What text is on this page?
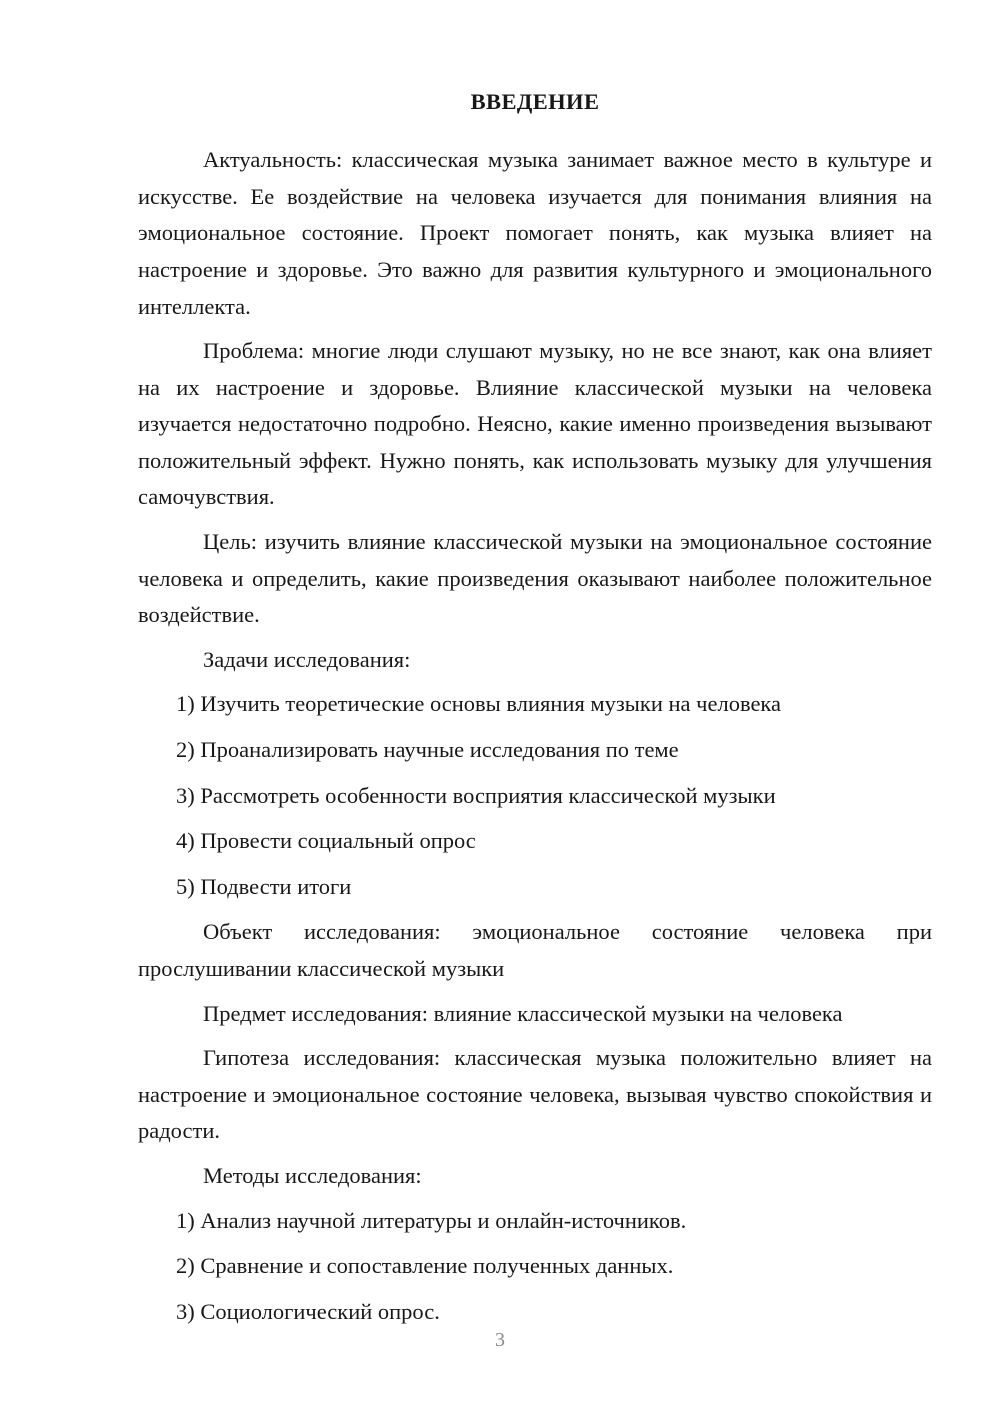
ВВЕДЕНИЕ

Актуальность: классическая музыка занимает важное место в культуре и искусстве. Ее воздействие на человека изучается для понимания влияния на эмоциональное состояние. Проект помогает понять, как музыка влияет на настроение и здоровье. Это важно для развития культурного и эмоционального интеллекта.

Проблема: многие люди слушают музыку, но не все знают, как она влияет на их настроение и здоровье. Влияние классической музыки на человека изучается недостаточно подробно. Неясно, какие именно произведения вызывают положительный эффект. Нужно понять, как использовать музыку для улучшения самочувствия.

Цель: изучить влияние классической музыки на эмоциональное состояние человека и определить, какие произведения оказывают наиболее положительное воздействие.

Задачи исследования:

1) Изучить теоретические основы влияния музыки на человека
2) Проанализировать научные исследования по теме
3) Рассмотреть особенности восприятия классической музыки
4) Провести социальный опрос
5) Подвести итоги

Объект исследования: эмоциональное состояние человека при прослушивании классической музыки

Предмет исследования: влияние классической музыки на человека

Гипотеза исследования: классическая музыка положительно влияет на настроение и эмоциональное состояние человека, вызывая чувство спокойствия и радости.

Методы исследования:

1) Анализ научной литературы и онлайн-источников.
2) Сравнение и сопоставление полученных данных.
3) Социологический опрос.
3
